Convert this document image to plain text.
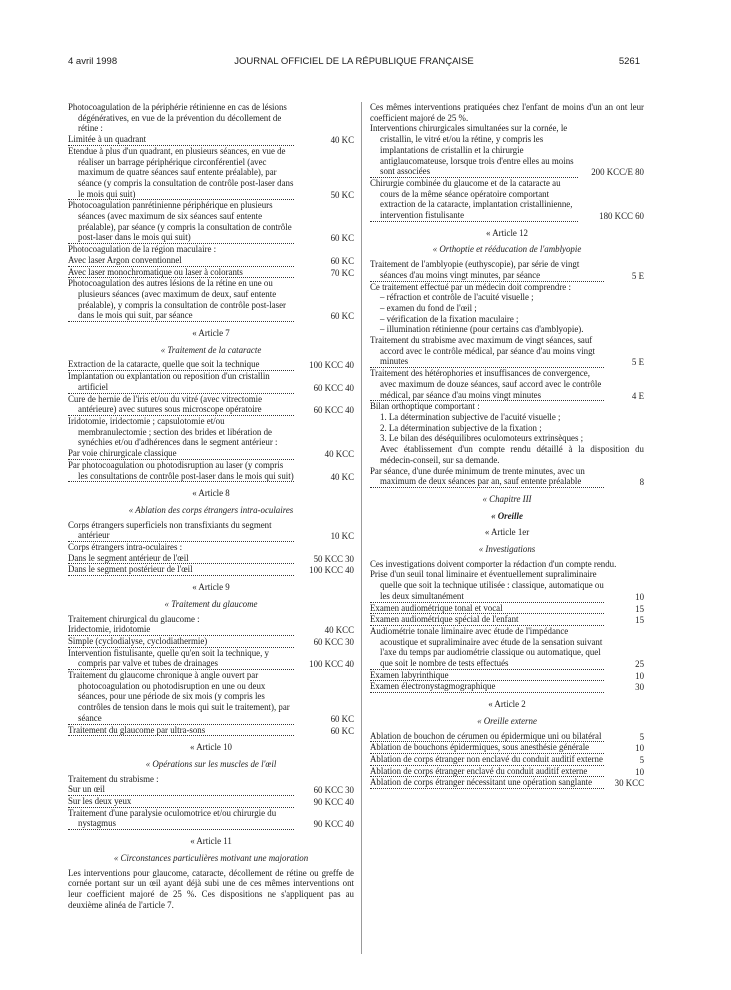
4 avril 1998	JOURNAL OFFICIEL DE LA RÉPUBLIQUE FRANÇAISE	5261
Photocoagulation de la périphérie rétinienne en cas de lésions dégénératives, en vue de la prévention du décollement de rétine :
Limitée à un quadrant	40 KC
Etendue à plus d'un quadrant, en plusieurs séances, en vue de réaliser un barrage périphérique circonférentiel (avec maximum de quatre séances sauf entente préalable), par séance (y compris la consultation de contrôle post-laser dans le mois qui suit)	50 KC
Photocoagulation panrétinienne périphérique en plusieurs séances (avec maximum de six séances sauf entente préalable), par séance (y compris la consultation de contrôle post-laser dans le mois qui suit)	60 KC
Photocoagulation de la région maculaire :
Avec laser Argon conventionnel	60 KC
Avec laser monochromatique ou laser à colorants	70 KC
Photocoagulation des autres lésions de la rétine en une ou plusieurs séances (avec maximum de deux, sauf entente préalable), y compris la consultation de contrôle post-laser dans le mois qui suit, par séance	60 KC
« Article 7
« Traitement de la cataracte
Extraction de la cataracte, quelle que soit la technique	100 KCC 40
Implantation ou explantation ou reposition d'un cristallin artificiel	60 KCC 40
Cure de hernie de l'iris et/ou du vitré (avec vitrectomie antérieure) avec sutures sous microscope opératoire	60 KCC 40
Iridotomie, iridectomie ; capsulotomie et/ou membranulectomie ; section des brides et libération de synéchies et/ou d'adhérences dans le segment antérieur :
Par voie chirurgicale classique	40 KCC
Par photocoagulation ou photodisruption au laser (y compris les consultations de contrôle post-laser dans le mois qui suit)	40 KC
« Article 8
« Ablation des corps étrangers intra-oculaires
Corps étrangers superficiels non transfixiants du segment antérieur	10 KC
Corps étrangers intra-oculaires :
Dans le segment antérieur de l'œil	50 KCC 30
Dans le segment postérieur de l'œil	100 KCC 40
« Article 9
« Traitement du glaucome
Traitement chirurgical du glaucome :
Iridectomie, iridotomie	40 KCC
Simple (cyclodialyse, cyclodiathermie)	60 KCC 30
Intervention fistulisante, quelle qu'en soit la technique, y compris par valve et tubes de drainages	100 KCC 40
Traitement du glaucome chronique à angle ouvert par photocoagulation ou photodisruption en une ou deux séances, pour une période de six mois (y compris les contrôles de tension dans le mois qui suit le traitement), par séance	60 KC
Traitement du glaucome par ultra-sons	60 KC
« Article 10
« Opérations sur les muscles de l'œil
Traitement du strabisme :
Sur un œil	60 KCC 30
Sur les deux yeux	90 KCC 40
Traitement d'une paralysie oculomotrice et/ou chirurgie du nystagmus	90 KCC 40
« Article 11
« Circonstances particulières motivant une majoration
Les interventions pour glaucome, cataracte, décollement de rétine ou greffe de cornée portant sur un œil ayant déjà subi une de ces mêmes interventions ont leur coefficient majoré de 25 %. Ces dispositions ne s'appliquent pas au deuxième alinéa de l'article 7.
Ces mêmes interventions pratiquées chez l'enfant de moins d'un an ont leur coefficient majoré de 25 %.
Interventions chirurgicales simultanées sur la cornée, le cristallin, le vitré et/ou la rétine, y compris les implantations de cristallin et la chirurgie antiglaucomateuse, lorsque trois d'entre elles au moins sont associées	200 KCC/E 80
Chirurgie combinée du glaucome et de la cataracte au cours de la même séance opératoire comportant extraction de la cataracte, implantation cristallinienne, intervention fistulisante	180 KCC 60
« Article 12
« Orthoptie et rééducation de l'amblyopie
Traitement de l'amblyopie (euthyscopie), par série de vingt séances d'au moins vingt minutes, par séance	5 E
Ce traitement effectué par un médecin doit comprendre :
– réfraction et contrôle de l'acuité visuelle ;
– examen du fond de l'œil ;
– vérification de la fixation maculaire ;
– illumination rétinienne (pour certains cas d'amblyopie).
Traitement du strabisme avec maximum de vingt séances, sauf accord avec le contrôle médical, par séance d'au moins vingt minutes	5 E
Traitement des hétérophories et insuffisances de convergence, avec maximum de douze séances, sauf accord avec le contrôle médical, par séance d'au moins vingt minutes	4 E
Bilan orthoptique comportant :
1. La détermination subjective de l'acuité visuelle ;
2. La détermination subjective de la fixation ;
3. Le bilan des déséquilibres oculomoteurs extrinsèques ;
Avec établissement d'un compte rendu détaillé à la disposition du médecin-conseil, sur sa demande.
Par séance, d'une durée minimum de trente minutes, avec un maximum de deux séances par an, sauf entente préalable	8
« Chapitre III
« Oreille
« Article 1er
« Investigations
Ces investigations doivent comporter la rédaction d'un compte rendu.
Prise d'un seuil tonal liminaire et éventuellement supraliminaire quelle que soit la technique utilisée : classique, automatique ou les deux simultanément	10
Examen audiométrique tonal et vocal	15
Examen audiométrique spécial de l'enfant	15
Audiométrie tonale liminaire avec étude de l'impédance acoustique et supraliminaire avec étude de la sensation suivant l'axe du temps par audiométrie classique ou automatique, quel que soit le nombre de tests effectués	25
Examen labyrinthique	10
Examen électronystagmographique	30
« Article 2
« Oreille externe
Ablation de bouchon de cérumen ou épidermique uni ou bilatéral	5
Ablation de bouchons épidermiques, sous anesthésie générale	10
Ablation de corps étranger non enclavé du conduit auditif externe	5
Ablation de corps étranger enclavé du conduit auditif externe	10
Ablation de corps étranger nécessitant une opération sanglante	30 KCC
